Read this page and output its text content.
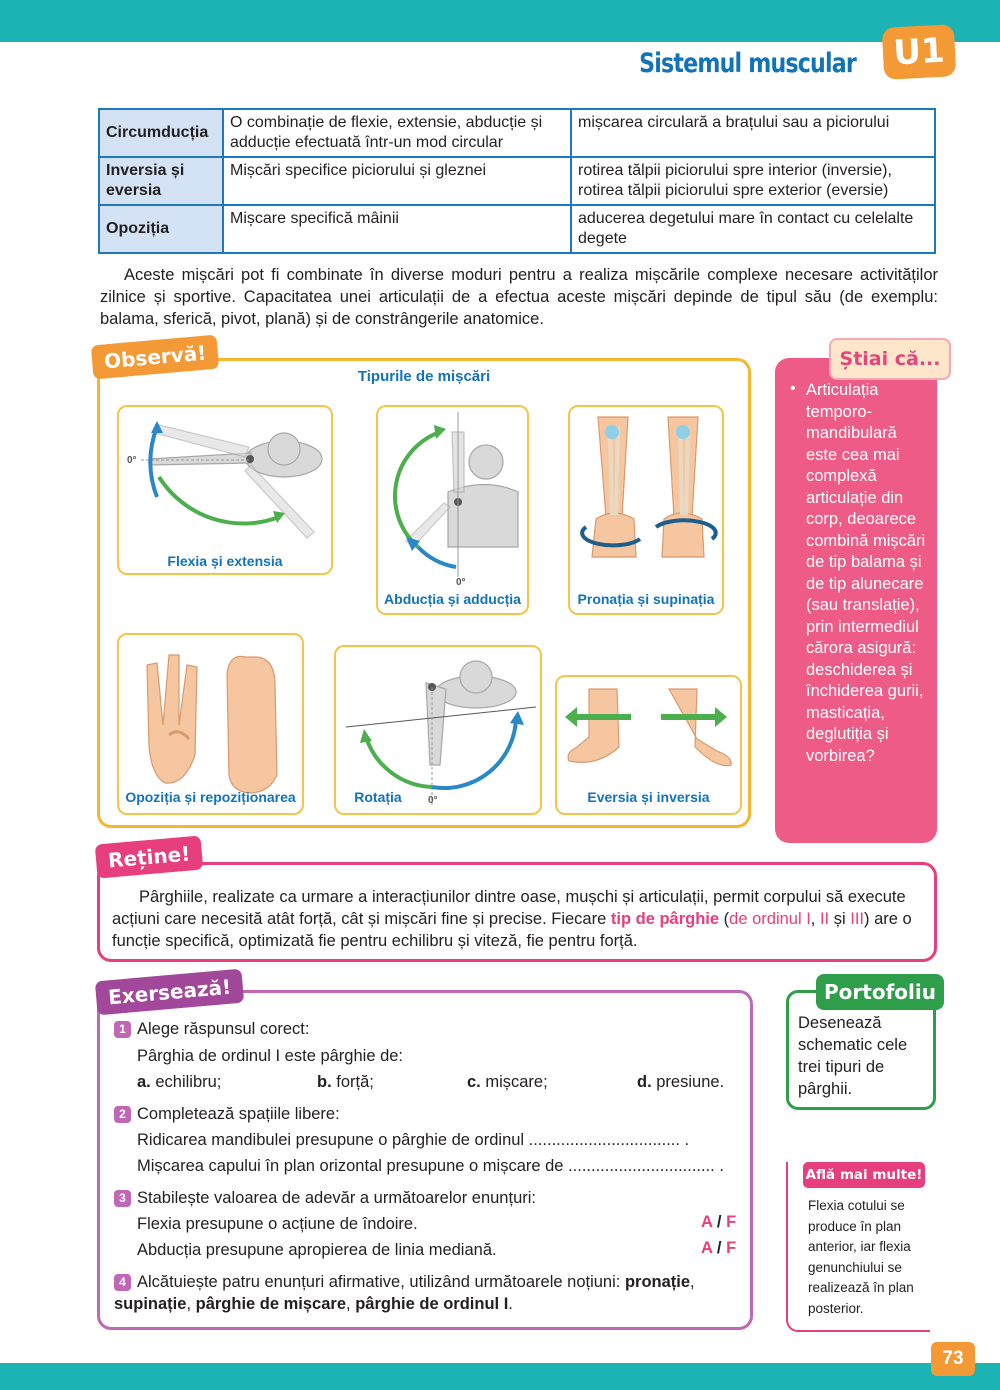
Sistemul muscular	U1
Circumducția	O combinație de flexie, extensie, abducție și adducție efectuată într-un mod circular	mișcarea circulară a brațului sau a piciorului
Inversia și eversia	Mișcări specifice piciorului și gleznei	rotirea tălpii piciorului spre interior (inversie), rotirea tălpii piciorului spre exterior (eversie)
Opoziția	Mișcare specifică mâinii	aducerea degetului mare în contact cu celelalte degete
Aceste mișcări pot fi combinate în diverse moduri pentru a realiza mișcările complexe necesare activităților zilnice și sportive. Capacitatea unei articulații de a efectua aceste mișcări depinde de tipul său (de exemplu: balama, sferică, pivot, plană) și de constrângerile anatomice.
Observă!
Tipurile de mișcări
0°
Flexia și extensia
0°
Abducția și adducția	Pronația și supinația
Opoziția și repoziționarea	Rotația	0°	Eversia și inversia
Știai că...
• Articulația temporo-mandibulară este cea mai complexă articulație din corp, deoarece combină mișcări de tip balama și de tip alunecare (sau translație), prin intermediul cărora asigură: deschiderea și închiderea gurii, masticația, deglutiția și vorbirea?
Reține!
Pârghiile, realizate ca urmare a interacțiunilor dintre oase, mușchi și articulații, permit corpului să execute acțiuni care necesită atât forță, cât și mișcări fine și precise. Fiecare tip de pârghie (de ordinul I, II și III) are o funcție specifică, optimizată fie pentru echilibru și viteză, fie pentru forță.
Exersează!
1 Alege răspunsul corect:
Pârghia de ordinul I este pârghie de:
a. echilibru;	b. forță;	c. mișcare;	d. presiune.
2 Completează spațiile libere:
Ridicarea mandibulei presupune o pârghie de ordinul ................................. .
Mișcarea capului în plan orizontal presupune o mișcare de ................................ .
3 Stabilește valoarea de adevăr a următoarelor enunțuri:
Flexia presupune o acțiune de îndoire.	A / F
Abducția presupune apropierea de linia mediană.	A / F
4 Alcătuiește patru enunțuri afirmative, utilizând următoarele noțiuni: pronație, supinație, pârghie de mișcare, pârghie de ordinul I.
Portofoliu
Desenează schematic cele trei tipuri de pârghii.
Află mai multe!
Flexia cotului se produce în plan anterior, iar flexia genunchiului se realizează în plan posterior.
73
